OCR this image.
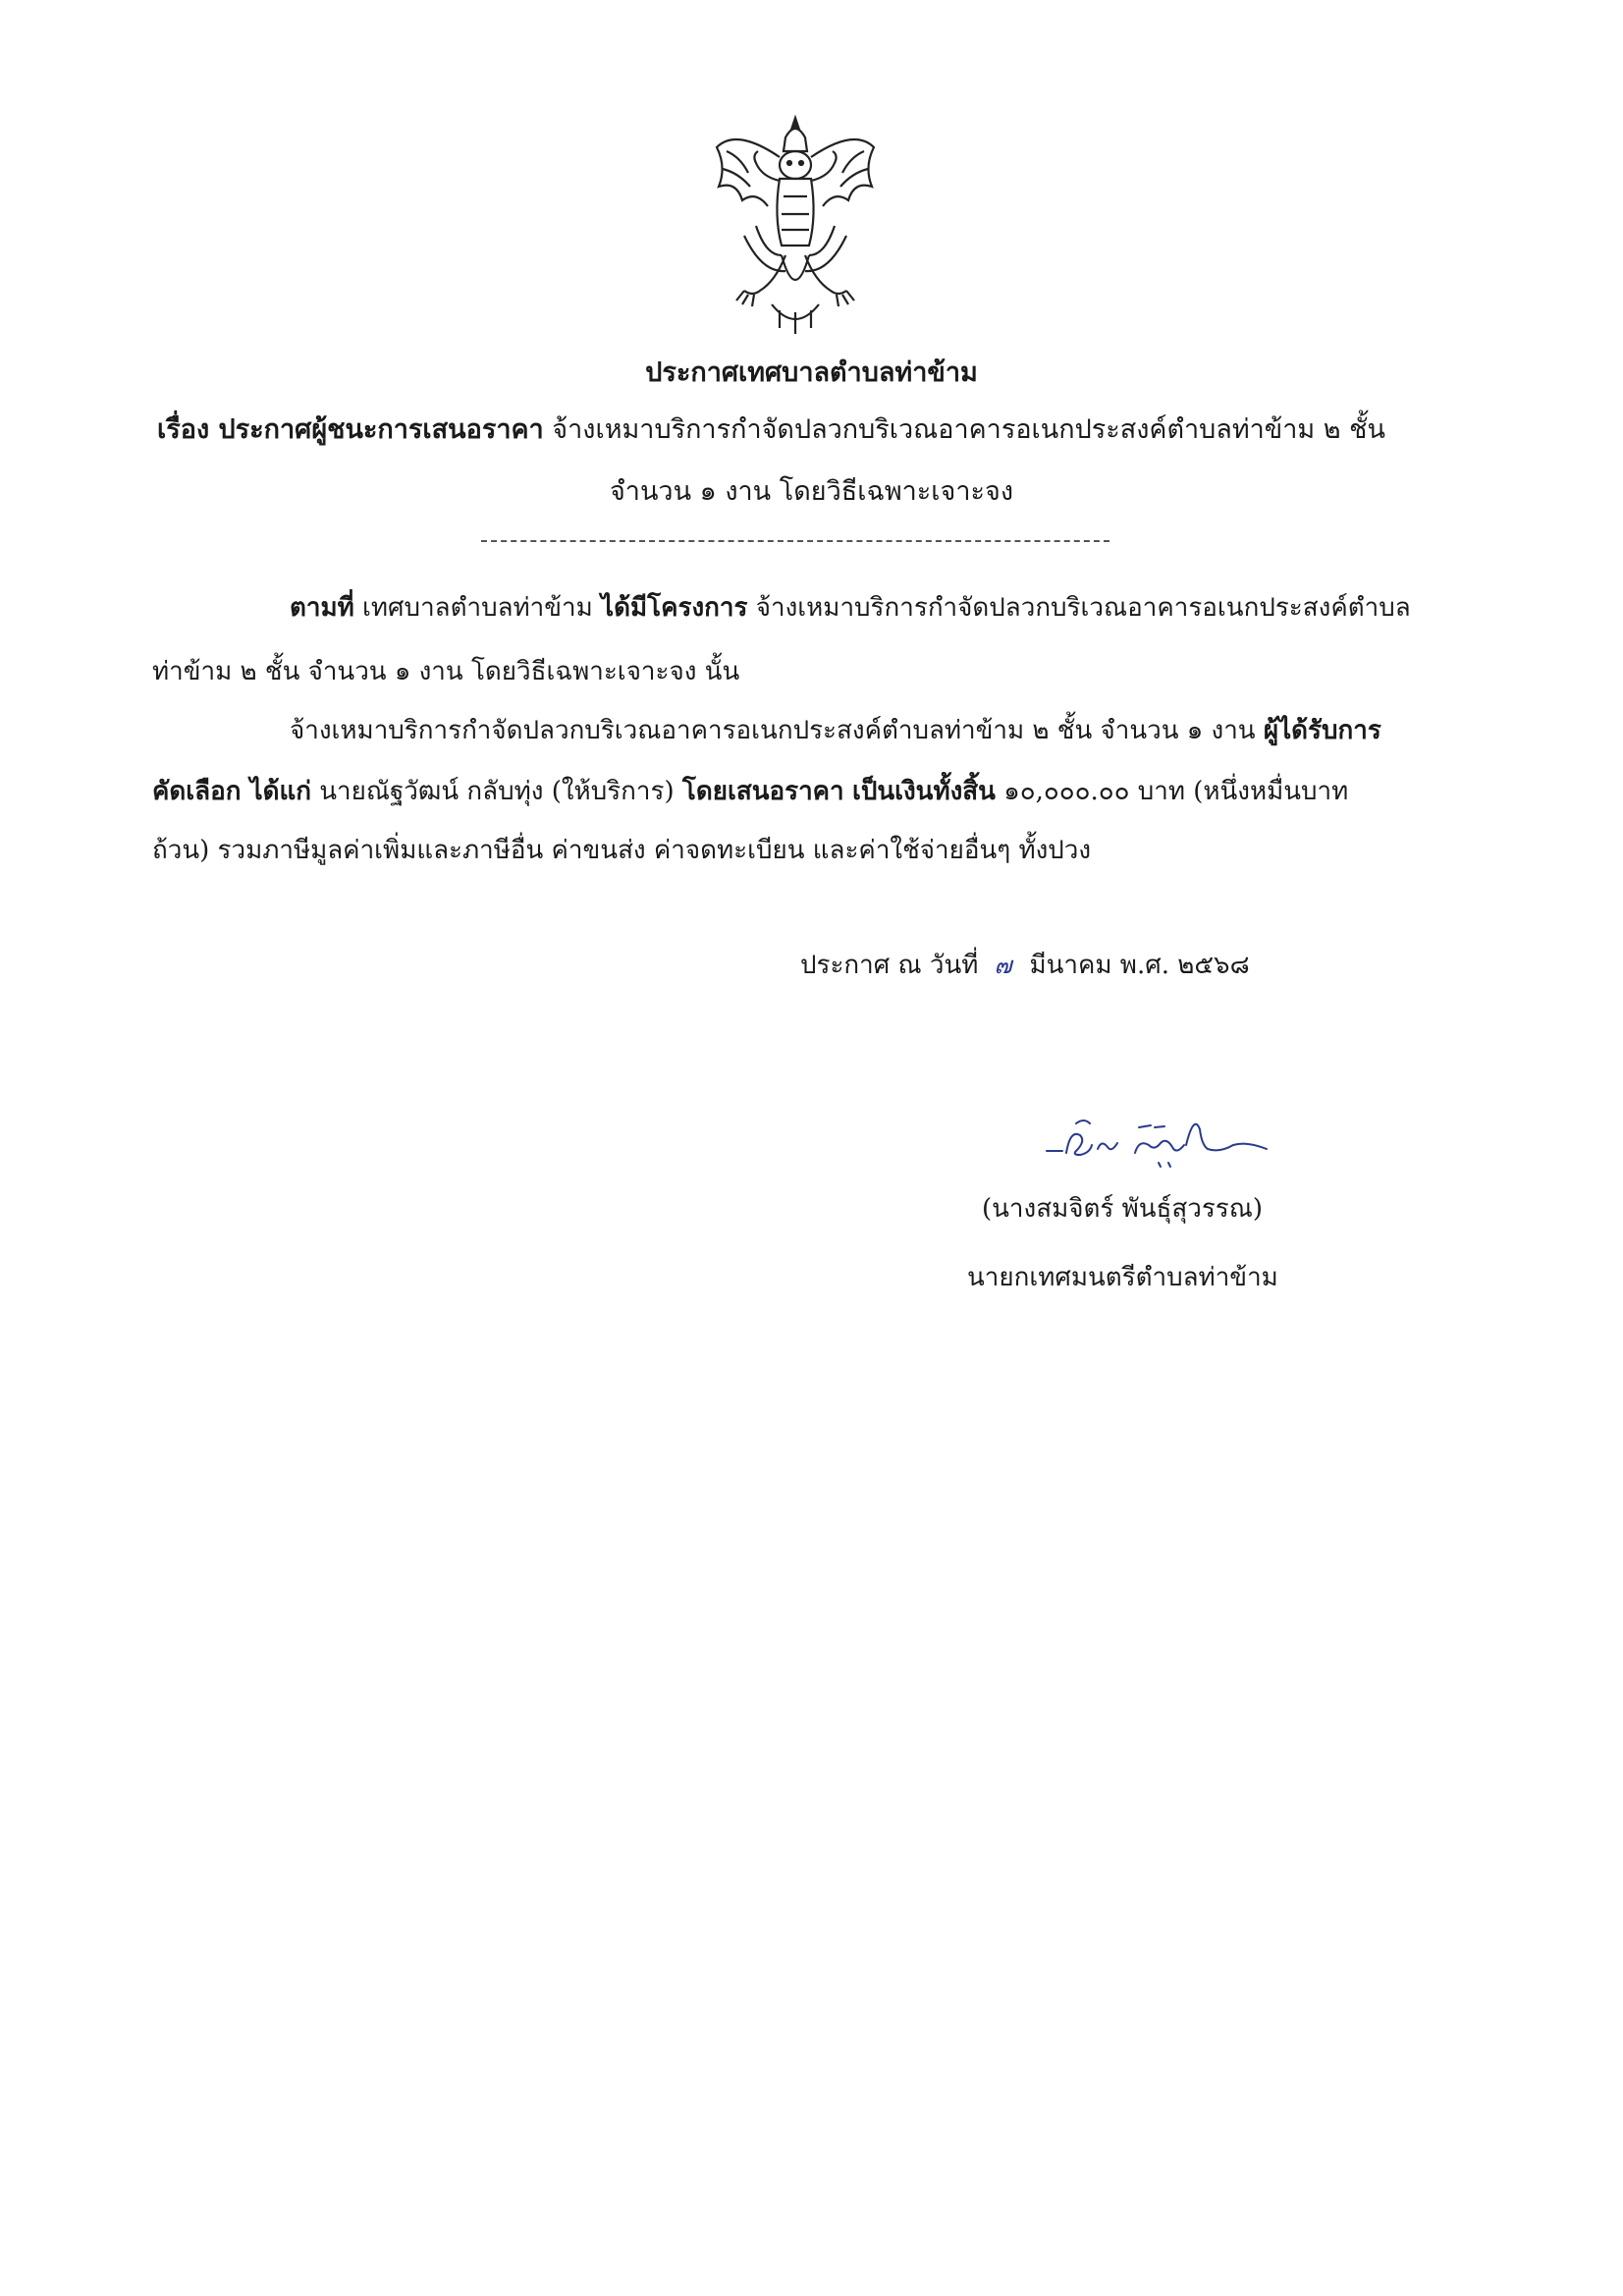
ประกาศเทศบาลตำบลท่าข้าม
เรื่อง ประกาศผู้ชนะการเสนอราคา จ้างเหมาบริการกำจัดปลวกบริเวณอาคารอเนกประสงค์ตำบลท่าข้าม ๒ ชั้น
จำนวน ๑ งาน โดยวิธีเฉพาะเจาะจง
ตามที่ เทศบาลตำบลท่าข้าม ได้มีโครงการ จ้างเหมาบริการกำจัดปลวกบริเวณอาคารอเนกประสงค์ตำบล
ท่าข้าม ๒ ชั้น จำนวน ๑ งาน โดยวิธีเฉพาะเจาะจง นั้น
จ้างเหมาบริการกำจัดปลวกบริเวณอาคารอเนกประสงค์ตำบลท่าข้าม ๒ ชั้น จำนวน ๑ งาน ผู้ได้รับการ
คัดเลือก ได้แก่ นายณัฐวัฒน์ กลับทุ่ง (ให้บริการ) โดยเสนอราคา เป็นเงินทั้งสิ้น ๑๐,๐๐๐.๐๐ บาท (หนึ่งหมื่นบาท
ถ้วน) รวมภาษีมูลค่าเพิ่มและภาษีอื่น ค่าขนส่ง ค่าจดทะเบียน และค่าใช้จ่ายอื่นๆ ทั้งปวง
ประกาศ ณ วันที่ ๗ มีนาคม พ.ศ. ๒๕๖๘
(นางสมจิตร์ พันธุ์สุวรรณ)
นายกเทศมนตรีตำบลท่าข้าม
